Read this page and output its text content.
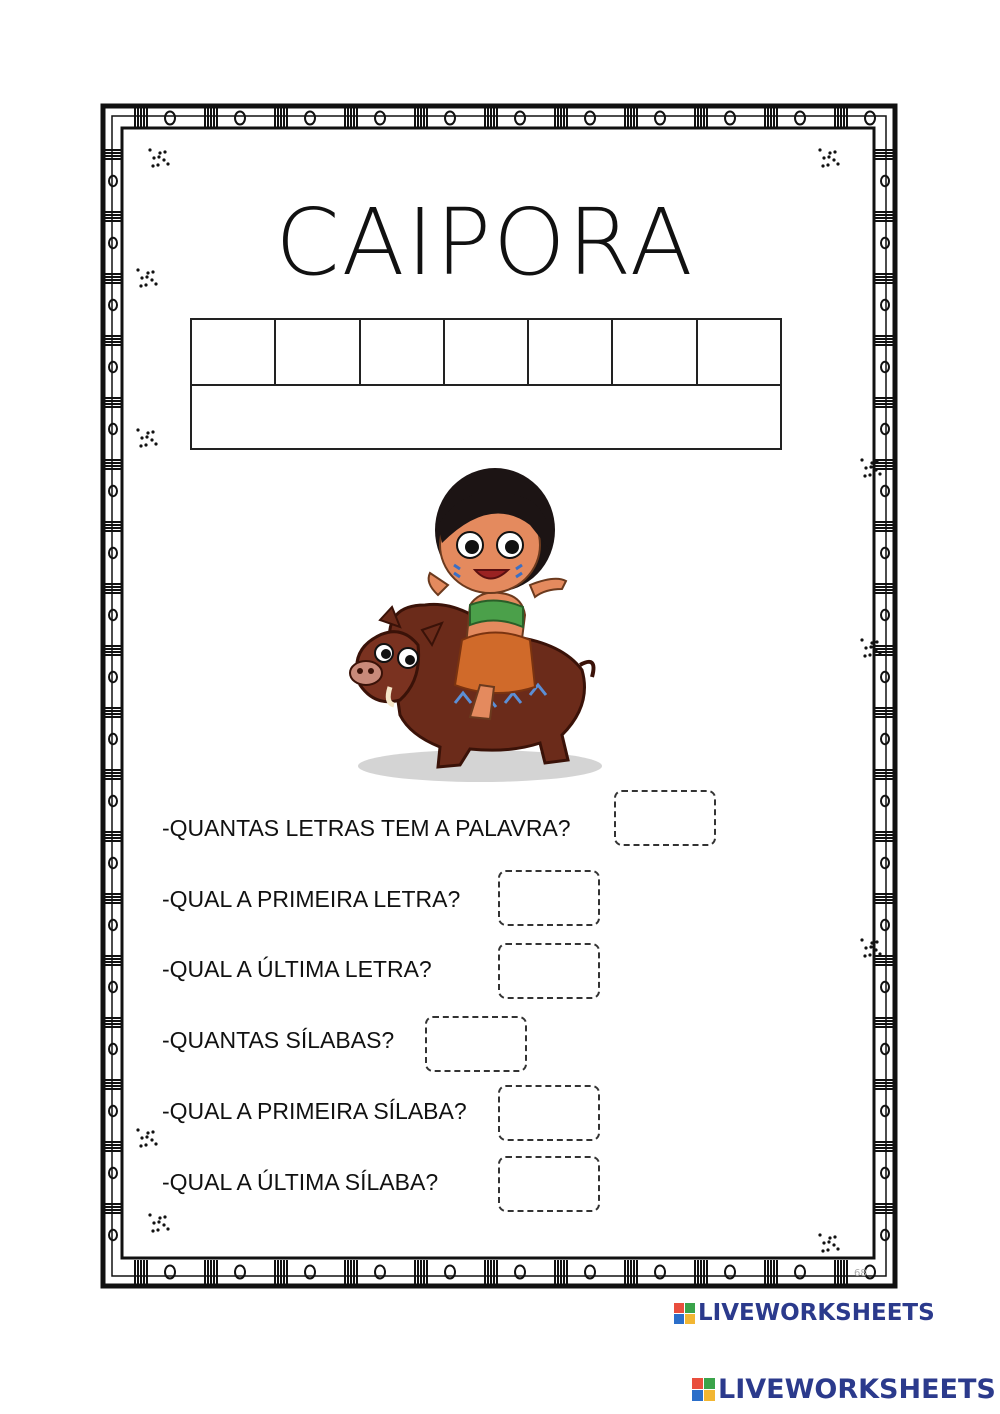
CAIPORA
-QUANTAS LETRAS TEM A PALAVRA?
-QUAL A PRIMEIRA LETRA?
-QUAL A ÚLTIMA LETRA?
-QUANTAS SÍLABAS?
-QUAL A PRIMEIRA SÍLABA?
-QUAL A ÚLTIMA SÍLABA?
68
LIVEWORKSHEETS
LIVEWORKSHEETS
